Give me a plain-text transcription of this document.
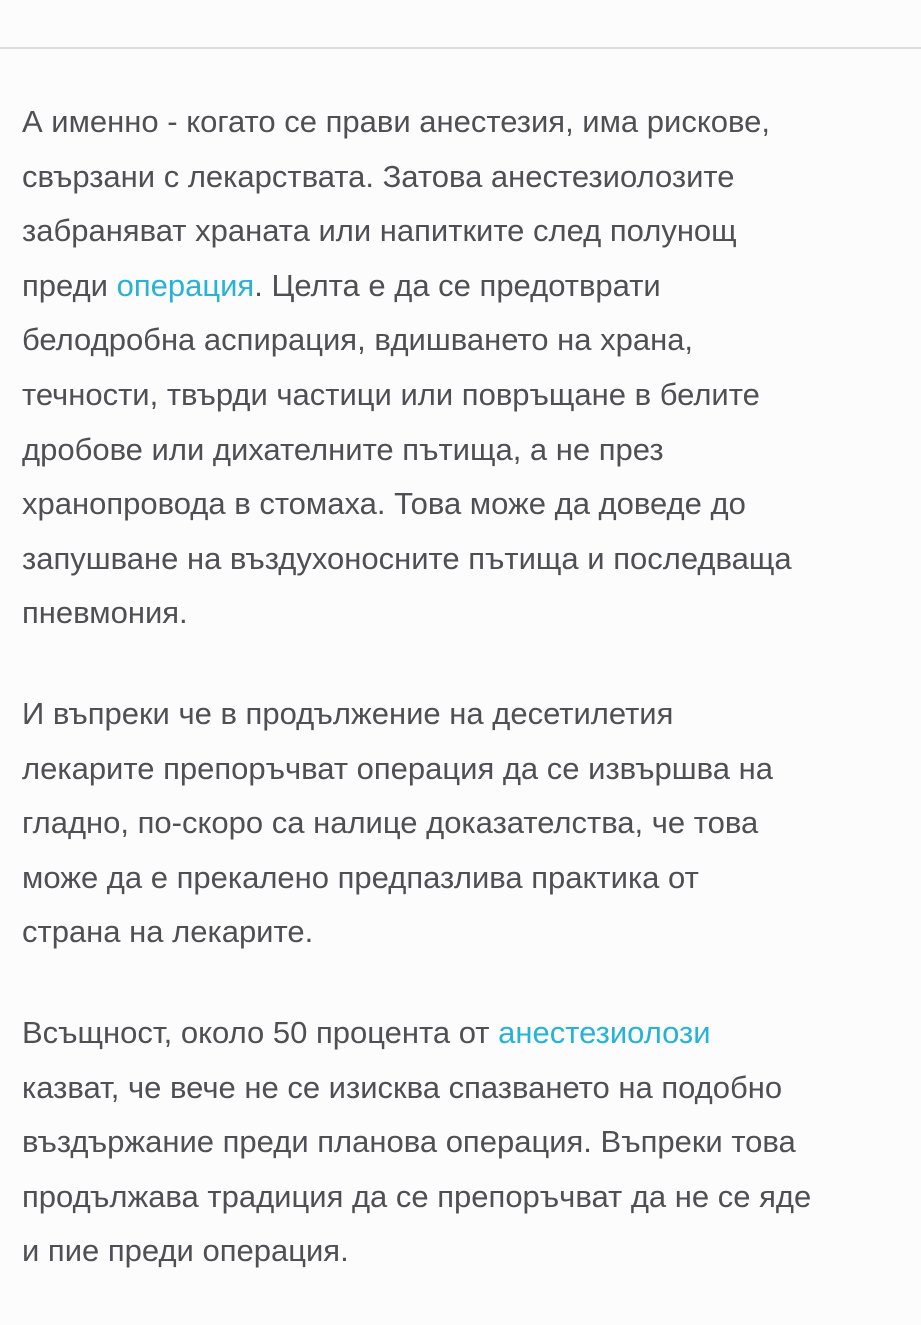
А именно - когато се прави анестезия, има рискове,
свързани с лекарствата. Затова анестезиолозите
забраняват храната или напитките след полунощ
преди операция. Целта е да се предотврати
белодробна аспирация, вдишването на храна,
течности, твърди частици или повръщане в белите
дробове или дихателните пътища, а не през
хранопровода в стомаха. Това може да доведе до
запушване на въздухоносните пътища и последваща
пневмония.

И въпреки че в продължение на десетилетия
лекарите препоръчват операция да се извършва на
гладно, по-скоро са налице доказателства, че това
може да е прекалено предпазлива практика от
страна на лекарите.

Всъщност, около 50 процента от анестезиолози
казват, че вече не се изисква спазването на подобно
въздържание преди планова операция. Въпреки това
продължава традиция да се препоръчват да не се яде
и пие преди операция.
